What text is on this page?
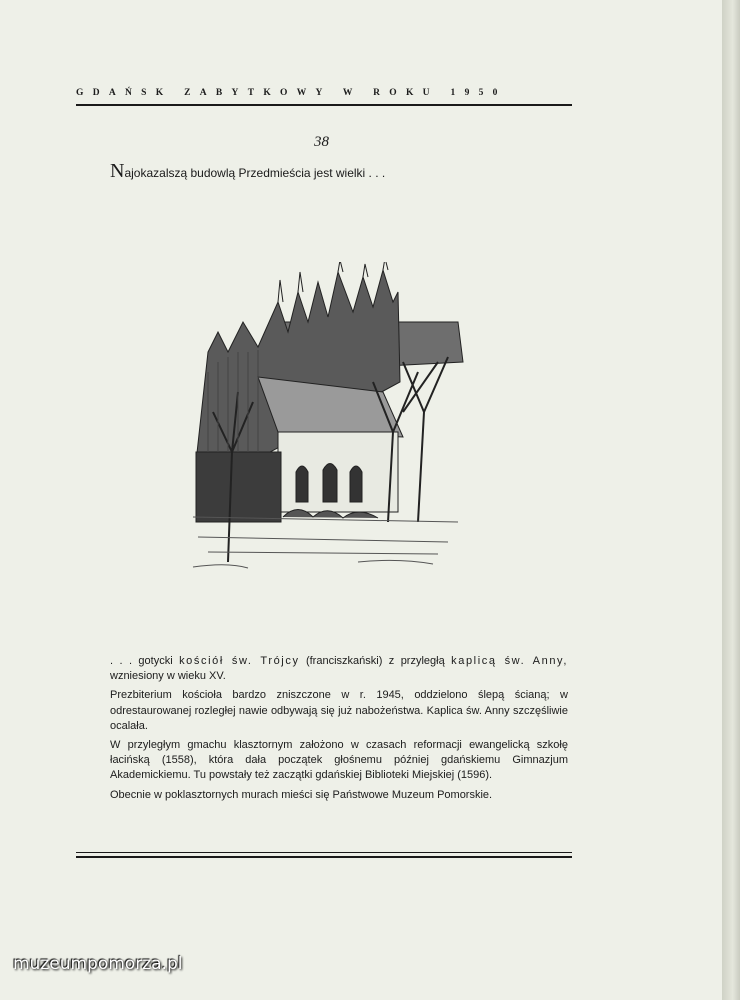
GDAŃSK ZABYTKOWY W ROKU 1950
38
Najokazalszą budowlą Przedmieścia jest wielki . . .

. . . gotycki kościół św. Trójcy (franciszkański) z przyległą kaplicą św. Anny, wzniesiony w wieku XV.

Prezbiterium kościoła bardzo zniszczone w r. 1945, oddzielono ślepą ścianą; w odrestaurowanej rozległej nawie odbywają się już nabożeństwa. Kaplica św. Anny szczęśliwie ocalała.

W przyległym gmachu klasztornym założono w czasach reformacji ewangelicką szkołę łacińską (1558), która dała początek głośnemu później gdańskiemu Gimnazjum Akademickiemu. Tu powstały też zaczątki gdańskiej Biblioteki Miejskiej (1596).

Obecnie w poklasztornych murach mieści się Państwowe Muzeum Pomorskie.

muzeumpomorza.pl
